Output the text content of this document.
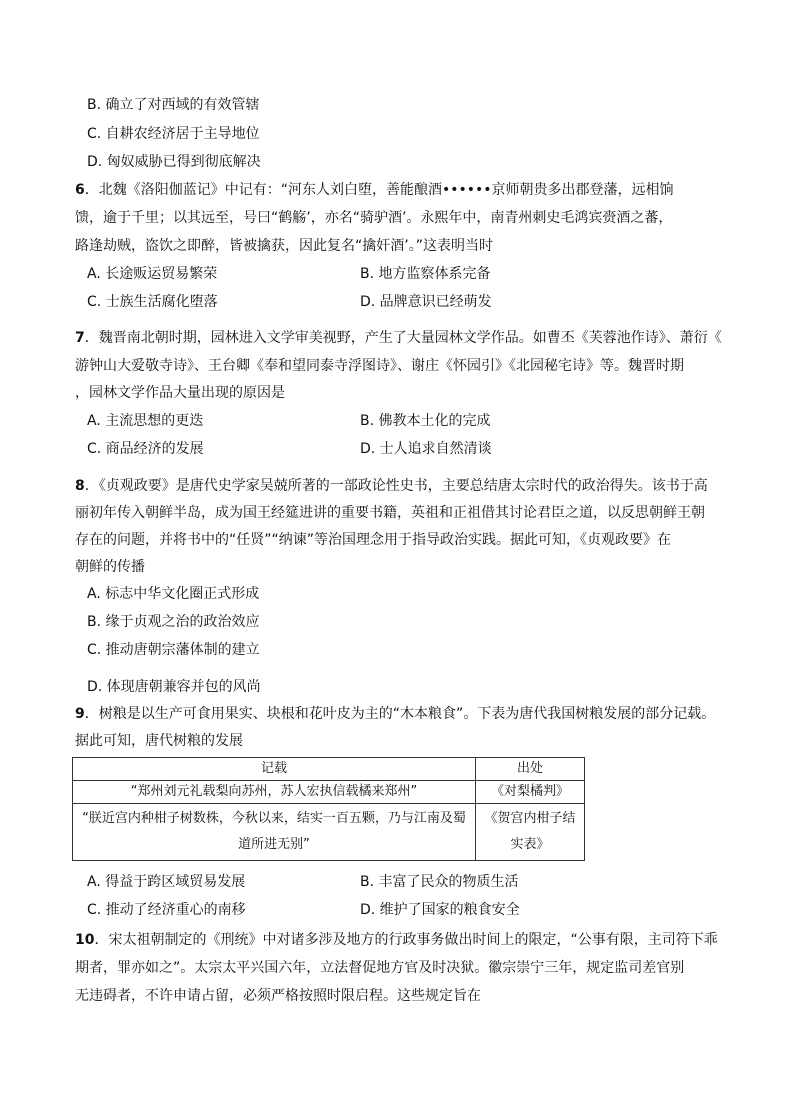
B. 确立了对西域的有效管辖
C. 自耕农经济居于主导地位
D. 匈奴威胁已得到彻底解决
6．北魏《洛阳伽蓝记》中记有：“河东人刘白堕，善能酿酒••••••京师朝贵多出郡登藩，远相饷
馈，逾于千里；以其远至，号曰“鹤觞’，亦名“骑驴酒’。永熙年中，南青州刺史毛鸿宾赍酒之蕃，
路逢劫贼，盗饮之即醉，皆被擒获，因此复名“擒奸酒’。”这表明当时
A. 长途贩运贸易繁荣	B. 地方监察体系完备
C. 士族生活腐化堕落	D. 品牌意识已经萌发
7．魏晋南北朝时期，园林进入文学审美视野，产生了大量园林文学作品。如曹丕《芙蓉池作诗》、萧衍《
游钟山大爱敬寺诗》、王台卿《奉和望同泰寺浮图诗》、谢庄《怀园引》《北园秘宅诗》等。魏晋时期
，园林文学作品大量出现的原因是
A. 主流思想的更迭	B. 佛教本土化的完成
C. 商品经济的发展	D. 士人追求自然清谈
8．《贞观政要》是唐代史学家吴兢所著的一部政论性史书，主要总结唐太宗时代的政治得失。该书于高
丽初年传入朝鲜半岛，成为国王经筵进讲的重要书籍，英祖和正祖借其讨论君臣之道，以反思朝鲜王朝
存在的问题，并将书中的“任贤”“纳谏”等治国理念用于指导政治实践。据此可知，《贞观政要》在
朝鲜的传播
A. 标志中华文化圈正式形成
B. 缘于贞观之治的政治效应
C. 推动唐朝宗藩体制的建立
D. 体现唐朝兼容并包的风尚
9．树粮是以生产可食用果实、块根和花叶皮为主的“木本粮食”。下表为唐代我国树粮发展的部分记载。
据此可知，唐代树粮的发展
记载	出处
“郑州刘元礼载梨向苏州，苏人宏执信载橘来郑州”	《对梨橘判》
“朕近宫内种柑子树数株，今秋以来，结实一百五颗，乃与江南及蜀道所进无别”	《贺宫内柑子结实表》
A. 得益于跨区域贸易发展	B. 丰富了民众的物质生活
C. 推动了经济重心的南移	D. 维护了国家的粮食安全
10．宋太祖朝制定的《刑统》中对诸多涉及地方的行政事务做出时间上的限定，“公事有限，主司符下乖
期者，罪亦如之”。太宗太平兴国六年，立法督促地方官及时决狱。徽宗崇宁三年，规定监司差官别
无违碍者，不许申请占留，必须严格按照时限启程。这些规定旨在
